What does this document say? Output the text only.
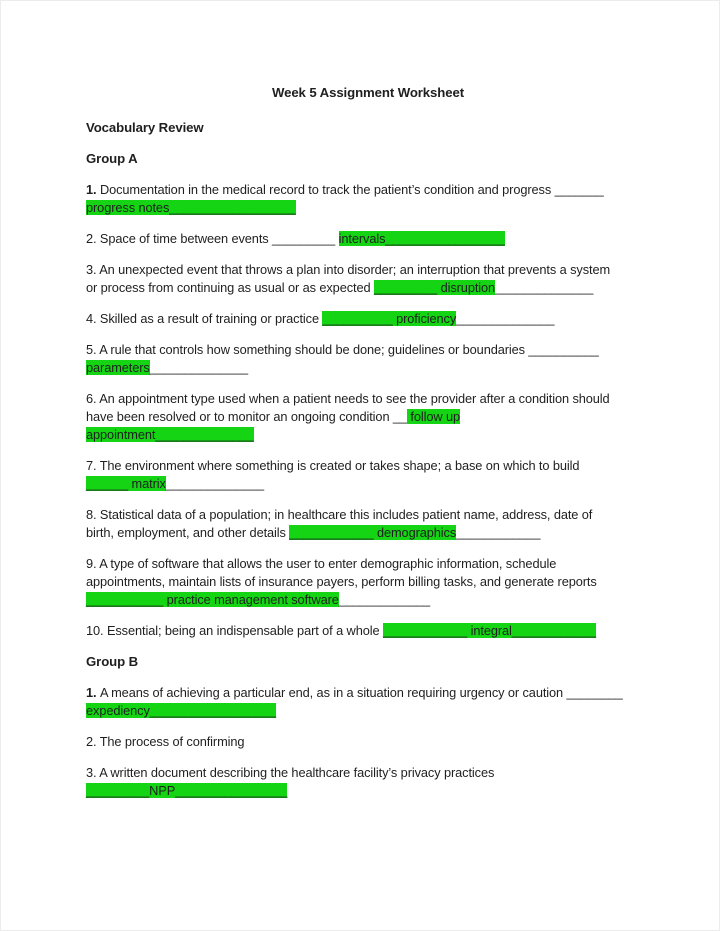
Week 5 Assignment Worksheet
Vocabulary Review
Group A
1. Documentation in the medical record to track the patient’s condition and progress _______
progress notes__________________
2. Space of time between events _________ intervals_________________
3. An unexpected event that throws a plan into disorder; an interruption that prevents a system
or process from continuing as usual or as expected _________ disruption______________
4. Skilled as a result of training or practice __________ proficiency______________
5. A rule that controls how something should be done; guidelines or boundaries __________
parameters______________
6. An appointment type used when a patient needs to see the provider after a condition should
have been resolved or to monitor an ongoing condition __ follow up
appointment______________
7. The environment where something is created or takes shape; a base on which to build
______ matrix______________
8. Statistical data of a population; in healthcare this includes patient name, address, date of
birth, employment, and other details ____________ demographics____________
9. A type of software that allows the user to enter demographic information, schedule
appointments, maintain lists of insurance payers, perform billing tasks, and generate reports
___________ practice management software_____________
10. Essential; being an indispensable part of a whole ____________ integral____________
Group B
1. A means of achieving a particular end, as in a situation requiring urgency or caution ________
expediency__________________
2. The process of confirming
3. A written document describing the healthcare facility’s privacy practices
_________NPP________________
